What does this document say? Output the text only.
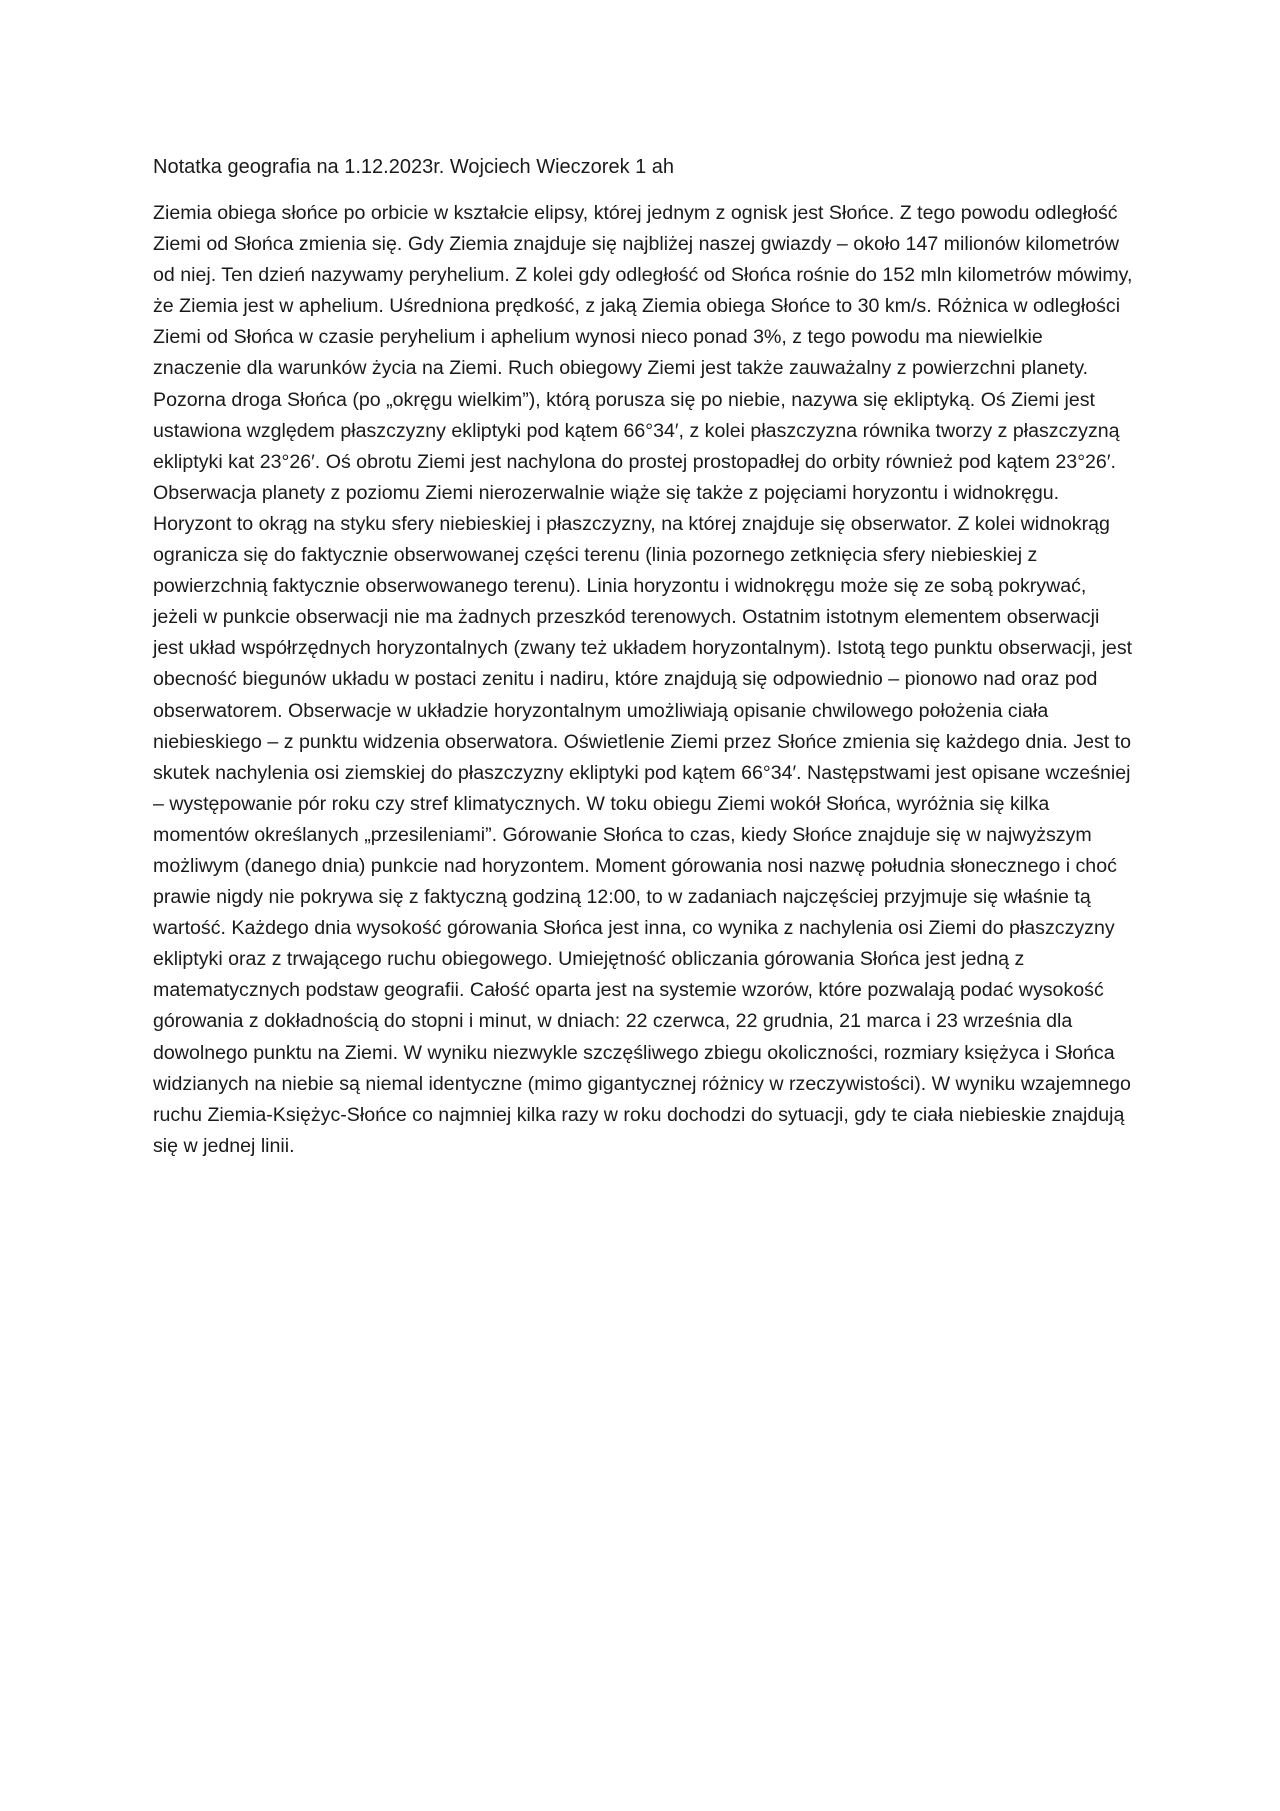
Notatka geografia na 1.12.2023r. Wojciech Wieczorek 1 ah

Ziemia obiega słońce po orbicie w kształcie elipsy, której jednym z ognisk jest Słońce. Z tego powodu odległość Ziemi od Słońca zmienia się. Gdy Ziemia znajduje się najbliżej naszej gwiazdy – około 147 milionów kilometrów od niej. Ten dzień nazywamy peryhelium. Z kolei gdy odległość od Słońca rośnie do 152 mln kilometrów mówimy, że Ziemia jest w aphelium. Uśredniona prędkość, z jaką Ziemia obiega Słońce to 30 km/s. Różnica w odległości Ziemi od Słońca w czasie peryhelium i aphelium wynosi nieco ponad 3%, z tego powodu ma niewielkie znaczenie dla warunków życia na Ziemi. Ruch obiegowy Ziemi jest także zauważalny z powierzchni planety. Pozorna droga Słońca (po „okręgu wielkim”), którą porusza się po niebie, nazywa się ekliptyką. Oś Ziemi jest ustawiona względem płaszczyzny ekliptyki pod kątem 66°34′, z kolei płaszczyzna równika tworzy z płaszczyzną ekliptyki kat 23°26′. Oś obrotu Ziemi jest nachylona do prostej prostopadłej do orbity również pod kątem 23°26′. Obserwacja planety z poziomu Ziemi nierozerwalnie wiąże się także z pojęciami horyzontu i widnokręgu. Horyzont to okrąg na styku sfery niebieskiej i płaszczyzny, na której znajduje się obserwator. Z kolei widnokrąg ogranicza się do faktycznie obserwowanej części terenu (linia pozornego zetknięcia sfery niebieskiej z powierzchnią faktycznie obserwowanego terenu). Linia horyzontu i widnokręgu może się ze sobą pokrywać, jeżeli w punkcie obserwacji nie ma żadnych przeszkód terenowych. Ostatnim istotnym elementem obserwacji jest układ współrzędnych horyzontalnych (zwany też układem horyzontalnym). Istotą tego punktu obserwacji, jest obecność biegunów układu w postaci zenitu i nadiru, które znajdują się odpowiednio – pionowo nad oraz pod obserwatorem. Obserwacje w układzie horyzontalnym umożliwiają opisanie chwilowego położenia ciała niebieskiego – z punktu widzenia obserwatora. Oświetlenie Ziemi przez Słońce zmienia się każdego dnia. Jest to skutek nachylenia osi ziemskiej do płaszczyzny ekliptyki pod kątem 66°34′. Następstwami jest opisane wcześniej – występowanie pór roku czy stref klimatycznych. W toku obiegu Ziemi wokół Słońca, wyróżnia się kilka momentów określanych „przesileniami”. Górowanie Słońca to czas, kiedy Słońce znajduje się w najwyższym możliwym (danego dnia) punkcie nad horyzontem. Moment górowania nosi nazwę południa słonecznego i choć prawie nigdy nie pokrywa się z faktyczną godziną 12:00, to w zadaniach najczęściej przyjmuje się właśnie tą wartość. Każdego dnia wysokość górowania Słońca jest inna, co wynika z nachylenia osi Ziemi do płaszczyzny ekliptyki oraz z trwającego ruchu obiegowego. Umiejętność obliczania górowania Słońca jest jedną z matematycznych podstaw geografii. Całość oparta jest na systemie wzorów, które pozwalają podać wysokość górowania z dokładnością do stopni i minut, w dniach: 22 czerwca, 22 grudnia, 21 marca i 23 września dla dowolnego punktu na Ziemi. W wyniku niezwykle szczęśliwego zbiegu okoliczności, rozmiary księżyca i Słońca widzianych na niebie są niemal identyczne (mimo gigantycznej różnicy w rzeczywistości). W wyniku wzajemnego ruchu Ziemia-Księżyc-Słońce co najmniej kilka razy w roku dochodzi do sytuacji, gdy te ciała niebieskie znajdują się w jednej linii.
